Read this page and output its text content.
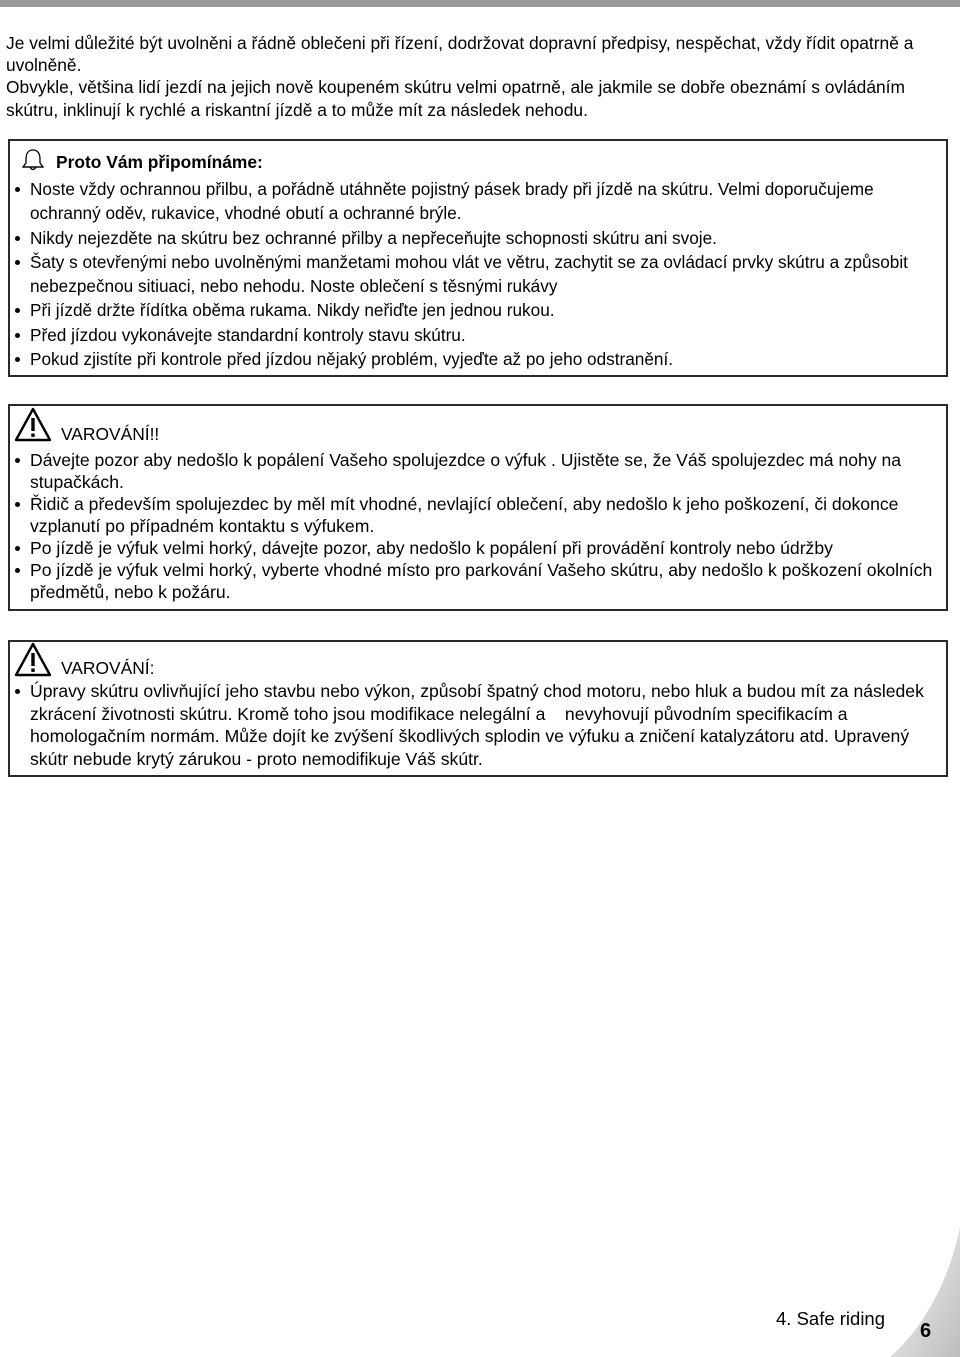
Je velmi důležité být uvolněni a řádně oblečeni při řízení, dodržovat dopravní předpisy, nespěchat, vždy řídit opatrně a uvolněně.

Obvykle, většina lidí jezdí na jejich nově koupeném skútru velmi opatrně, ale jakmile se dobře obeznámí s ovládáním skútru, inklinují k rychlé a riskantní jízdě a to může mít za následek nehodu.

Proto Vám připomínáme:
Noste vždy ochrannou přilbu, a pořádně utáhněte pojistný pásek brady při jízdě na skútru. Velmi doporučujeme ochranný oděv, rukavice, vhodné obutí a ochranné brýle.
Nikdy nejezděte na skútru bez ochranné přilby a nepřeceňujte schopnosti skútru ani svoje.
Šaty s otevřenými nebo uvolněnými manžetami mohou vlát ve větru, zachytit se za ovládací prvky skútru a způsobit nebezpečnou sitiuaci, nebo nehodu. Noste oblečení s těsnými rukávy
Při jízdě držte řídítka oběma rukama. Nikdy neřiďte jen jednou rukou.
Před jízdou vykonávejte standardní kontroly stavu skútru.
Pokud zjistíte při kontrole před jízdou nějaký problém, vyjeďte až po jeho odstranění.
VAROVÁNÍ!!
Dávejte pozor aby nedošlo k popálení Vašeho spolujezdce o výfuk . Ujistěte se, že Váš spolujezdec má nohy na stupačkách.
Řidič a především spolujezdec by měl mít vhodné, nevlající oblečení, aby nedošlo k jeho poškození, či dokonce vzplanutí po případném kontaktu s výfukem.
Po jízdě je výfuk velmi horký, dávejte pozor, aby nedošlo k popálení při provádění kontroly nebo údržby
Po jízdě je výfuk velmi horký, vyberte vhodné místo pro parkování Vašeho skútru, aby nedošlo k poškození okolních předmětů, nebo k požáru.
VAROVÁNÍ:
Úpravy skútru ovlivňující jeho stavbu nebo výkon, způsobí špatný chod motoru, nebo hluk a budou mít za následek zkrácení životnosti skútru. Kromě toho jsou modifikace nelegální a    nevyhovují původním specifikacím a homologačním normám. Může dojít ke zvýšení škodlivých splodin ve výfuku a zničení katalyzátoru atd. Upravený skútr nebude krytý zárukou - proto nemodifikuje Váš skútr.
4. Safe riding
6
